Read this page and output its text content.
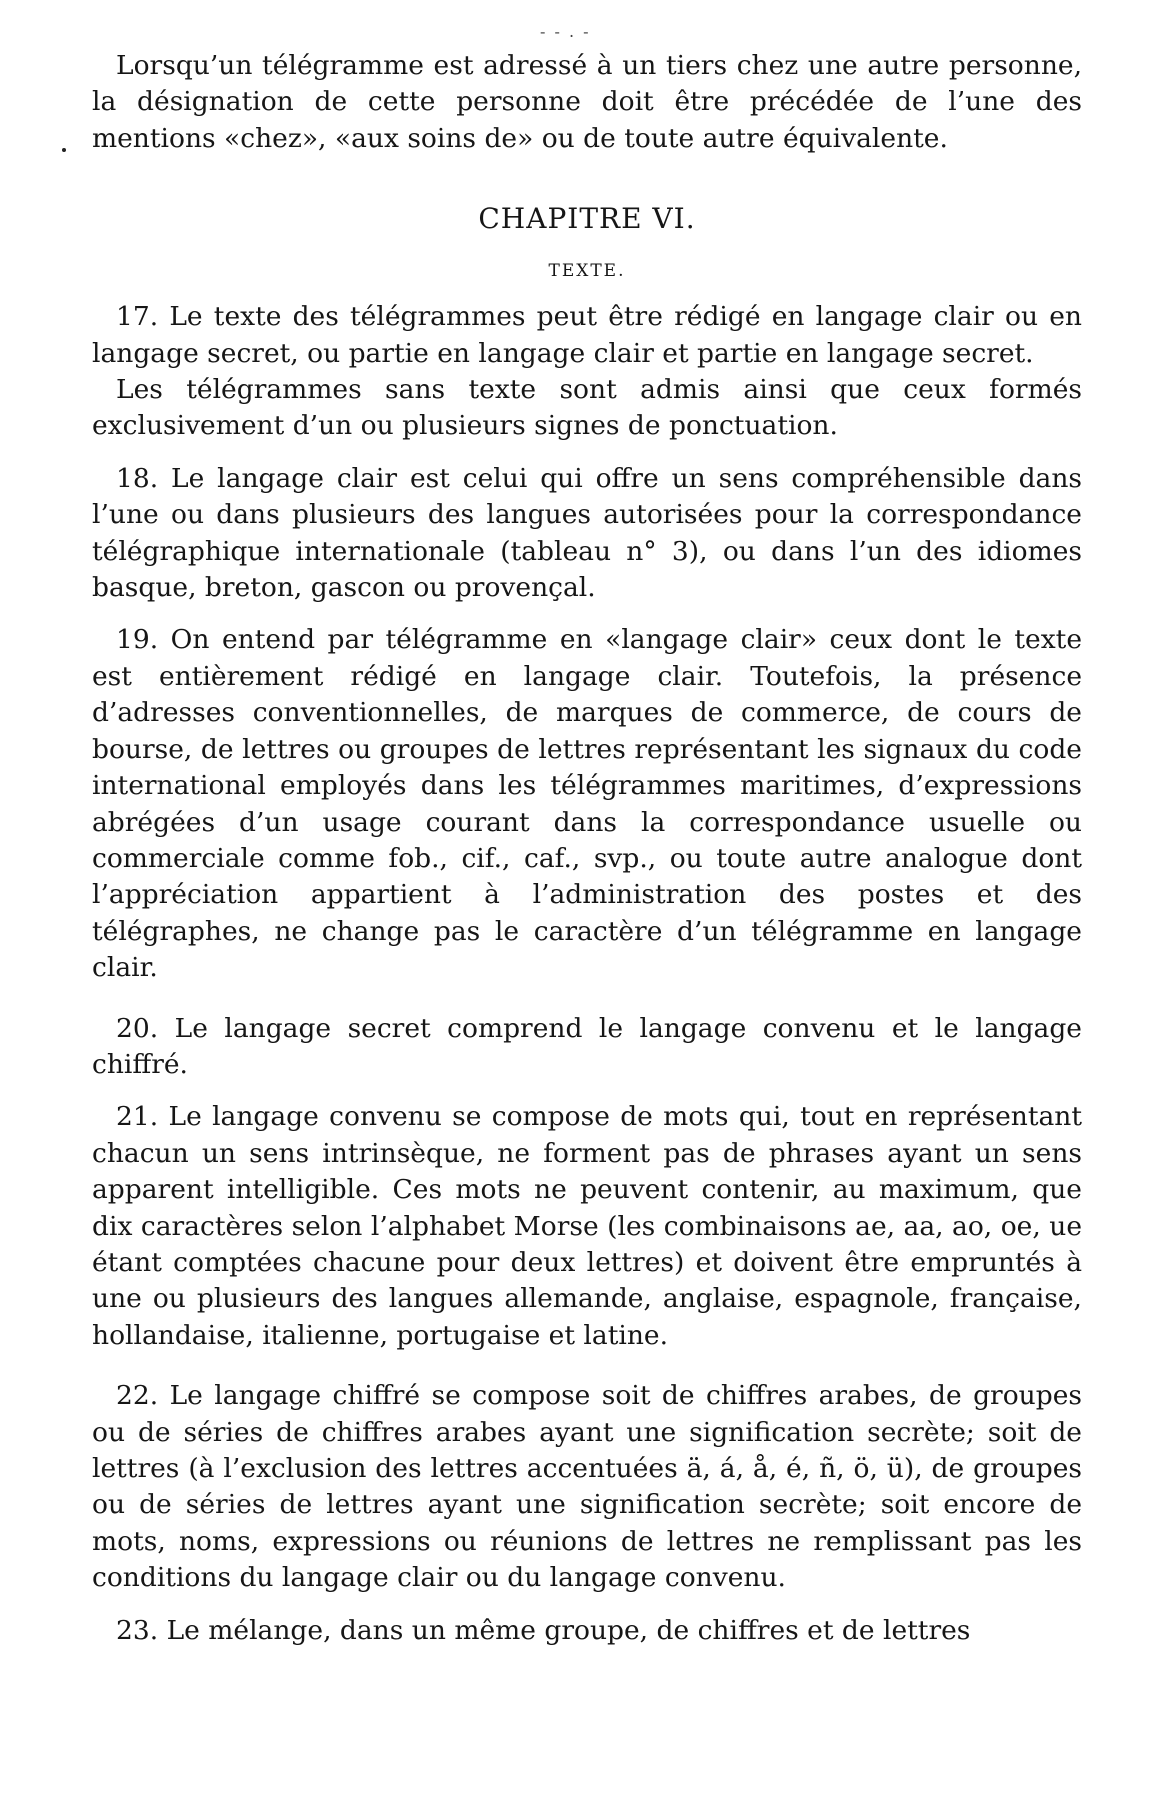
- - . -

Lorsqu’un télégramme est adressé à un tiers chez une autre personne, la désignation de cette personne doit être précédée de l’une des mentions «chez», «aux soins de» ou de toute autre équivalente.

CHAPITRE VI.

TEXTE.

17. Le texte des télégrammes peut être rédigé en langage clair ou en langage secret, ou partie en langage clair et partie en langage secret.

Les télégrammes sans texte sont admis ainsi que ceux formés exclusivement d’un ou plusieurs signes de ponctuation.

18. Le langage clair est celui qui offre un sens compréhensible dans l’une ou dans plusieurs des langues autorisées pour la correspondance télégraphique internationale (tableau n° 3), ou dans l’un des idiomes basque, breton, gascon ou provençal.

19. On entend par télégramme en «langage clair» ceux dont le texte est entièrement rédigé en langage clair. Toutefois, la présence d’adresses conventionnelles, de marques de commerce, de cours de bourse, de lettres ou groupes de lettres représentant les signaux du code international employés dans les télégrammes maritimes, d’expressions abrégées d’un usage courant dans la correspondance usuelle ou commerciale comme fob., cif., caf., svp., ou toute autre analogue dont l’appréciation appartient à l’administration des postes et des télégraphes, ne change pas le caractère d’un télégramme en langage clair.

20. Le langage secret comprend le langage convenu et le langage chiffré.

21. Le langage convenu se compose de mots qui, tout en représentant chacun un sens intrinsèque, ne forment pas de phrases ayant un sens apparent intelligible. Ces mots ne peuvent contenir, au maximum, que dix caractères selon l’alphabet Morse (les combinaisons ae, aa, ao, oe, ue étant comptées chacune pour deux lettres) et doivent être empruntés à une ou plusieurs des langues allemande, anglaise, espagnole, française, hollandaise, italienne, portugaise et latine.

22. Le langage chiffré se compose soit de chiffres arabes, de groupes ou de séries de chiffres arabes ayant une signification secrète; soit de lettres (à l’exclusion des lettres accentuées ä, á, å, é, ñ, ö, ü), de groupes ou de séries de lettres ayant une signification secrète; soit encore de mots, noms, expressions ou réunions de lettres ne remplissant pas les conditions du langage clair ou du langage convenu.

23. Le mélange, dans un même groupe, de chiffres et de lettres
